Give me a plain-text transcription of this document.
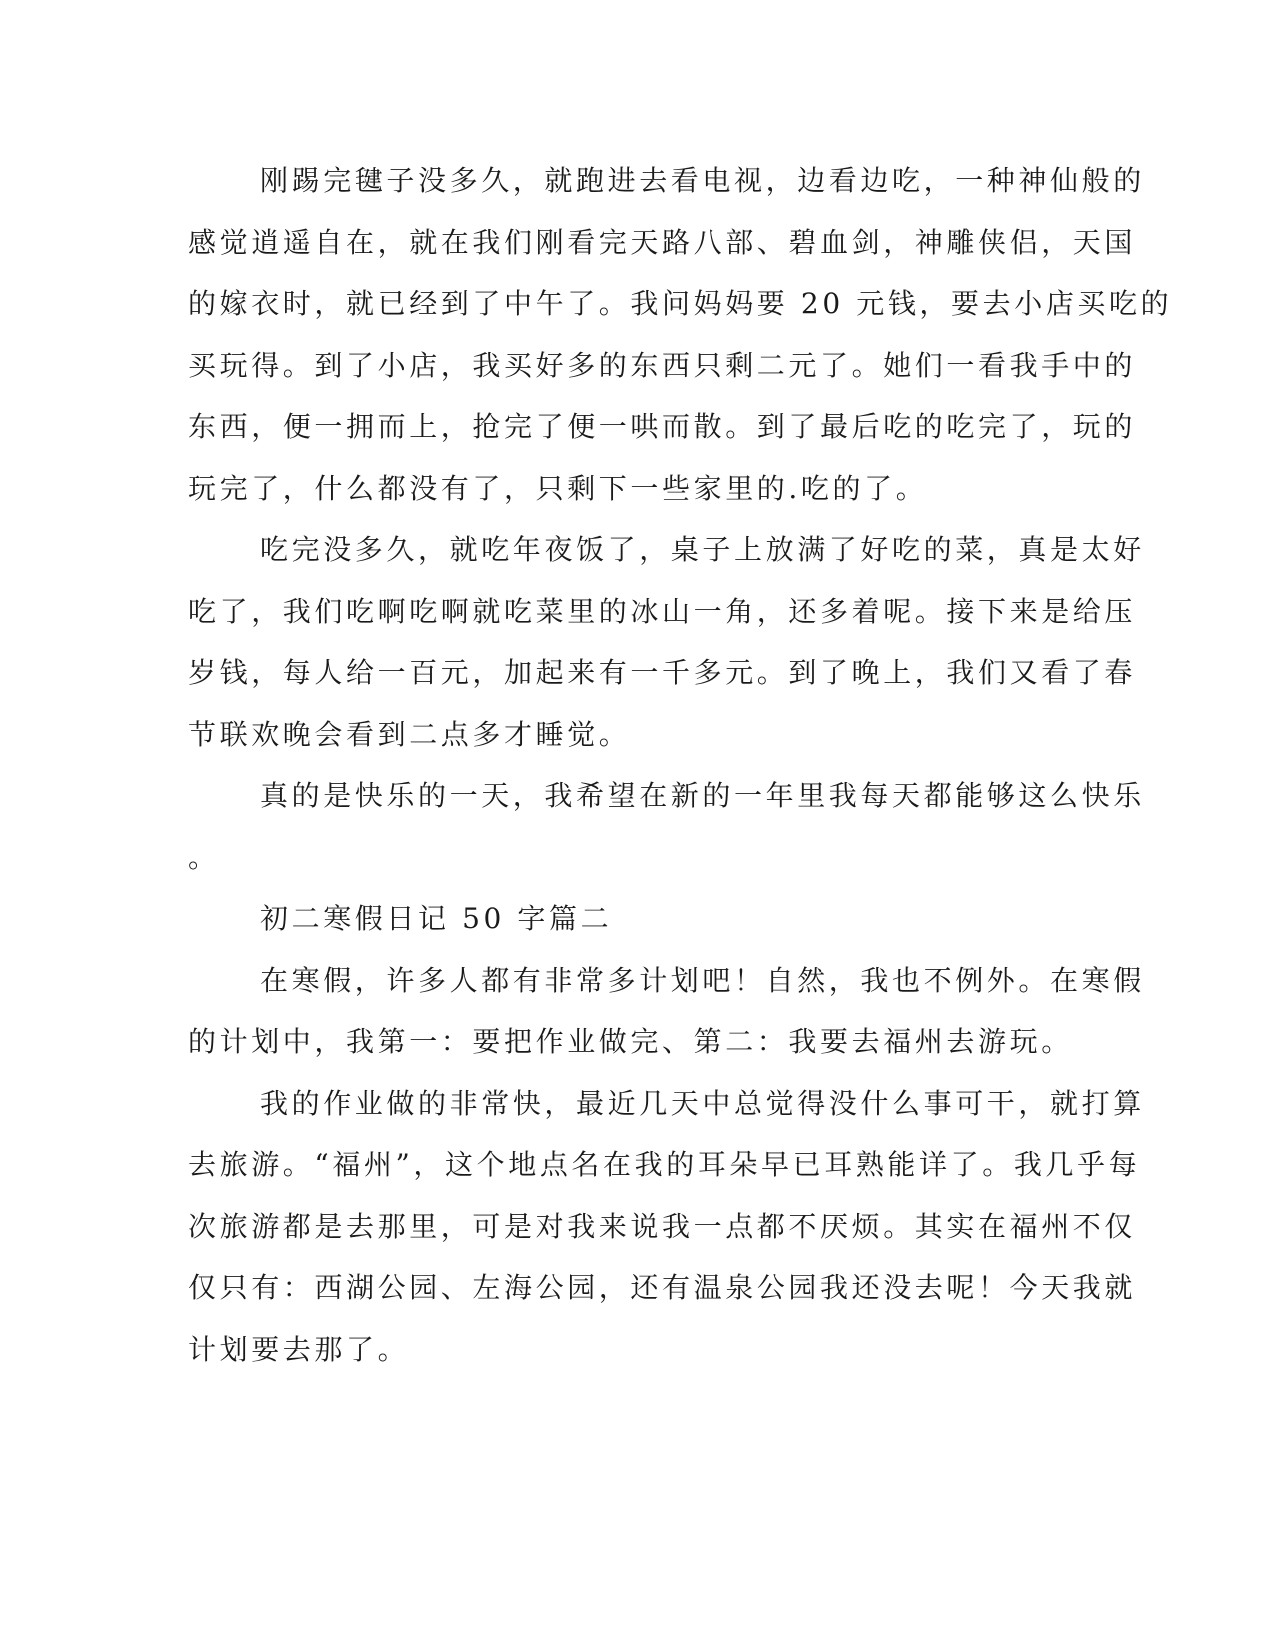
刚踢完毽子没多久，就跑进去看电视，边看边吃，一种神仙般的
感觉逍遥自在，就在我们刚看完天路八部、碧血剑，神雕侠侣，天国
的嫁衣时，就已经到了中午了。我问妈妈要 20 元钱，要去小店买吃的
买玩得。到了小店，我买好多的东西只剩二元了。她们一看我手中的
东西，便一拥而上，抢完了便一哄而散。到了最后吃的吃完了，玩的
玩完了，什么都没有了，只剩下一些家里的.吃的了。
吃完没多久，就吃年夜饭了，桌子上放满了好吃的菜，真是太好
吃了，我们吃啊吃啊就吃菜里的冰山一角，还多着呢。接下来是给压
岁钱，每人给一百元，加起来有一千多元。到了晚上，我们又看了春
节联欢晚会看到二点多才睡觉。
真的是快乐的一天，我希望在新的一年里我每天都能够这么快乐
。
初二寒假日记 50 字篇二
在寒假，许多人都有非常多计划吧！自然，我也不例外。在寒假
的计划中，我第一：要把作业做完、第二：我要去福州去游玩。
我的作业做的非常快，最近几天中总觉得没什么事可干，就打算
去旅游。“福州”，这个地点名在我的耳朵早已耳熟能详了。我几乎每
次旅游都是去那里，可是对我来说我一点都不厌烦。其实在福州不仅
仅只有：西湖公园、左海公园，还有温泉公园我还没去呢！今天我就
计划要去那了。
